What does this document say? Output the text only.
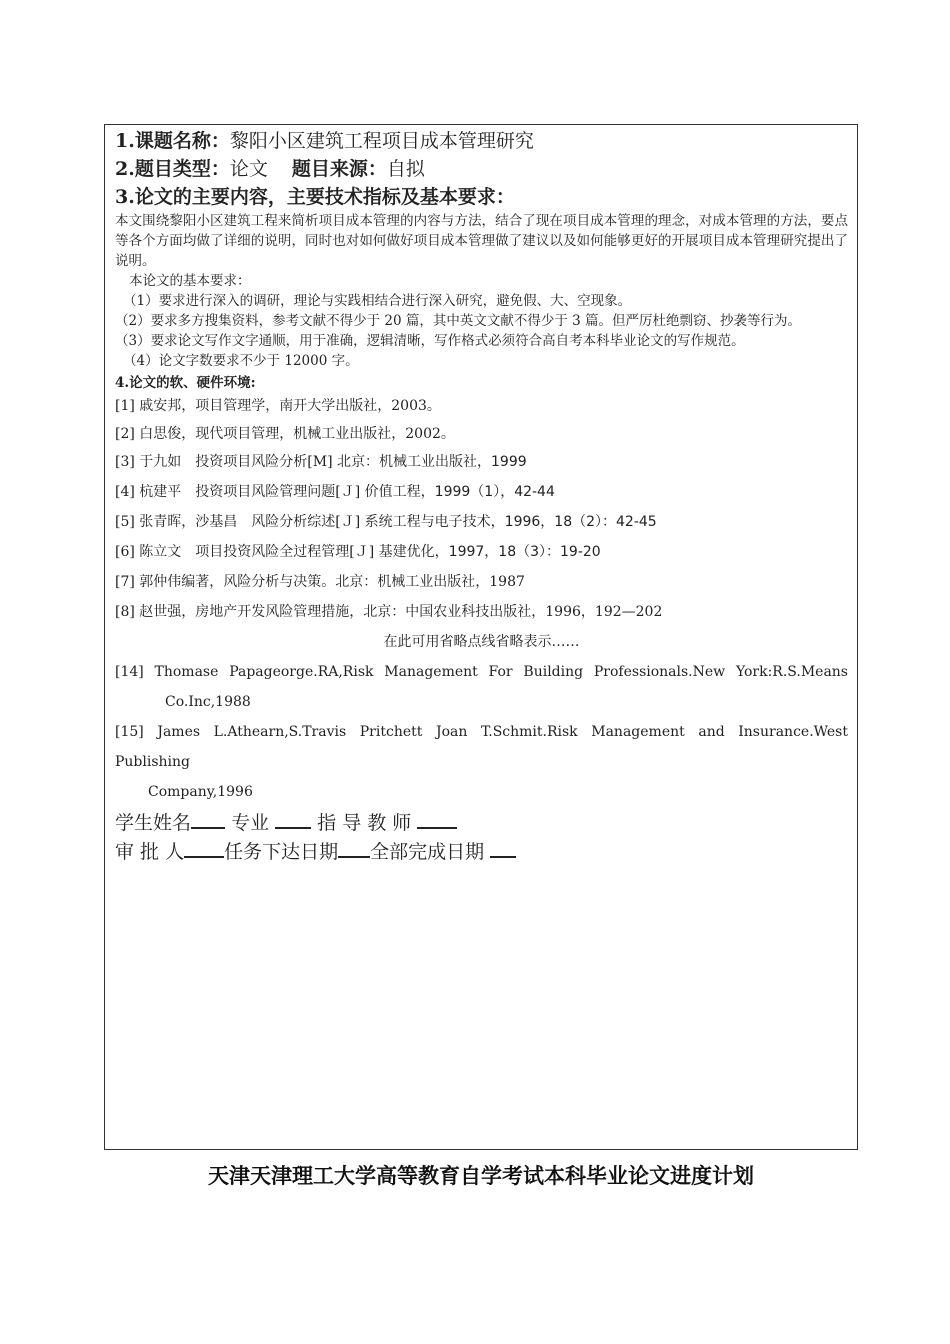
1.课题名称：黎阳小区建筑工程项目成本管理研究
2.题目类型：论文 题目来源：自拟
3.论文的主要内容，主要技术指标及基本要求：
本文围绕黎阳小区建筑工程来简析项目成本管理的内容与方法，结合了现在项目成本管理的理念，对成本管理的方法，要点等各个方面均做了详细的说明，同时也对如何做好项目成本管理做了建议以及如何能够更好的开展项目成本管理研究提出了说明。
本论文的基本要求：
（1）要求进行深入的调研，理论与实践相结合进行深入研究，避免假、大、空现象。
（2）要求多方搜集资料，参考文献不得少于 20 篇，其中英文文献不得少于 3 篇。但严厉杜绝剽窃、抄袭等行为。
（3）要求论文写作文字通顺，用于准确，逻辑清晰，写作格式必须符合高自考本科毕业论文的写作规范。
（4）论文字数要求不少于 12000 字。
4.论文的软、硬件环境:
[1] 戚安邦，项目管理学，南开大学出版社，2003。
[2] 白思俊，现代项目管理，机械工业出版社，2002。
[3] 于九如　投资项目风险分析[M] 北京：机械工业出版社，1999
[4] 杭建平　投资项目风险管理问题[Ｊ] 价值工程，1999（1），42-44
[5] 张青晖，沙基昌　风险分析综述[Ｊ] 系统工程与电子技术，1996，18（2）：42-45
[6] 陈立文　项目投资风险全过程管理[Ｊ] 基建优化，1997，18（3）：19-20
[7] 郭仲伟编著，风险分析与决策。北京：机械工业出版社，1987
[8] 赵世强，房地产开发风险管理措施，北京：中国农业科技出版社，1996，192—202
在此可用省略点线省略表示……
[14] Thomase Papageorge.RA,Risk Management For Building Professionals.New York:R.S.Means
Co.Inc,1988
[15] James L.Athearn,S.Travis Pritchett Joan T.Schmit.Risk Management and Insurance.West Publishing
Company,1996
学生姓名 专业	指 导 教 师
审 批 人 任务下达日期 全部完成日期
天津天津理工大学高等教育自学考试本科毕业论文进度计划
